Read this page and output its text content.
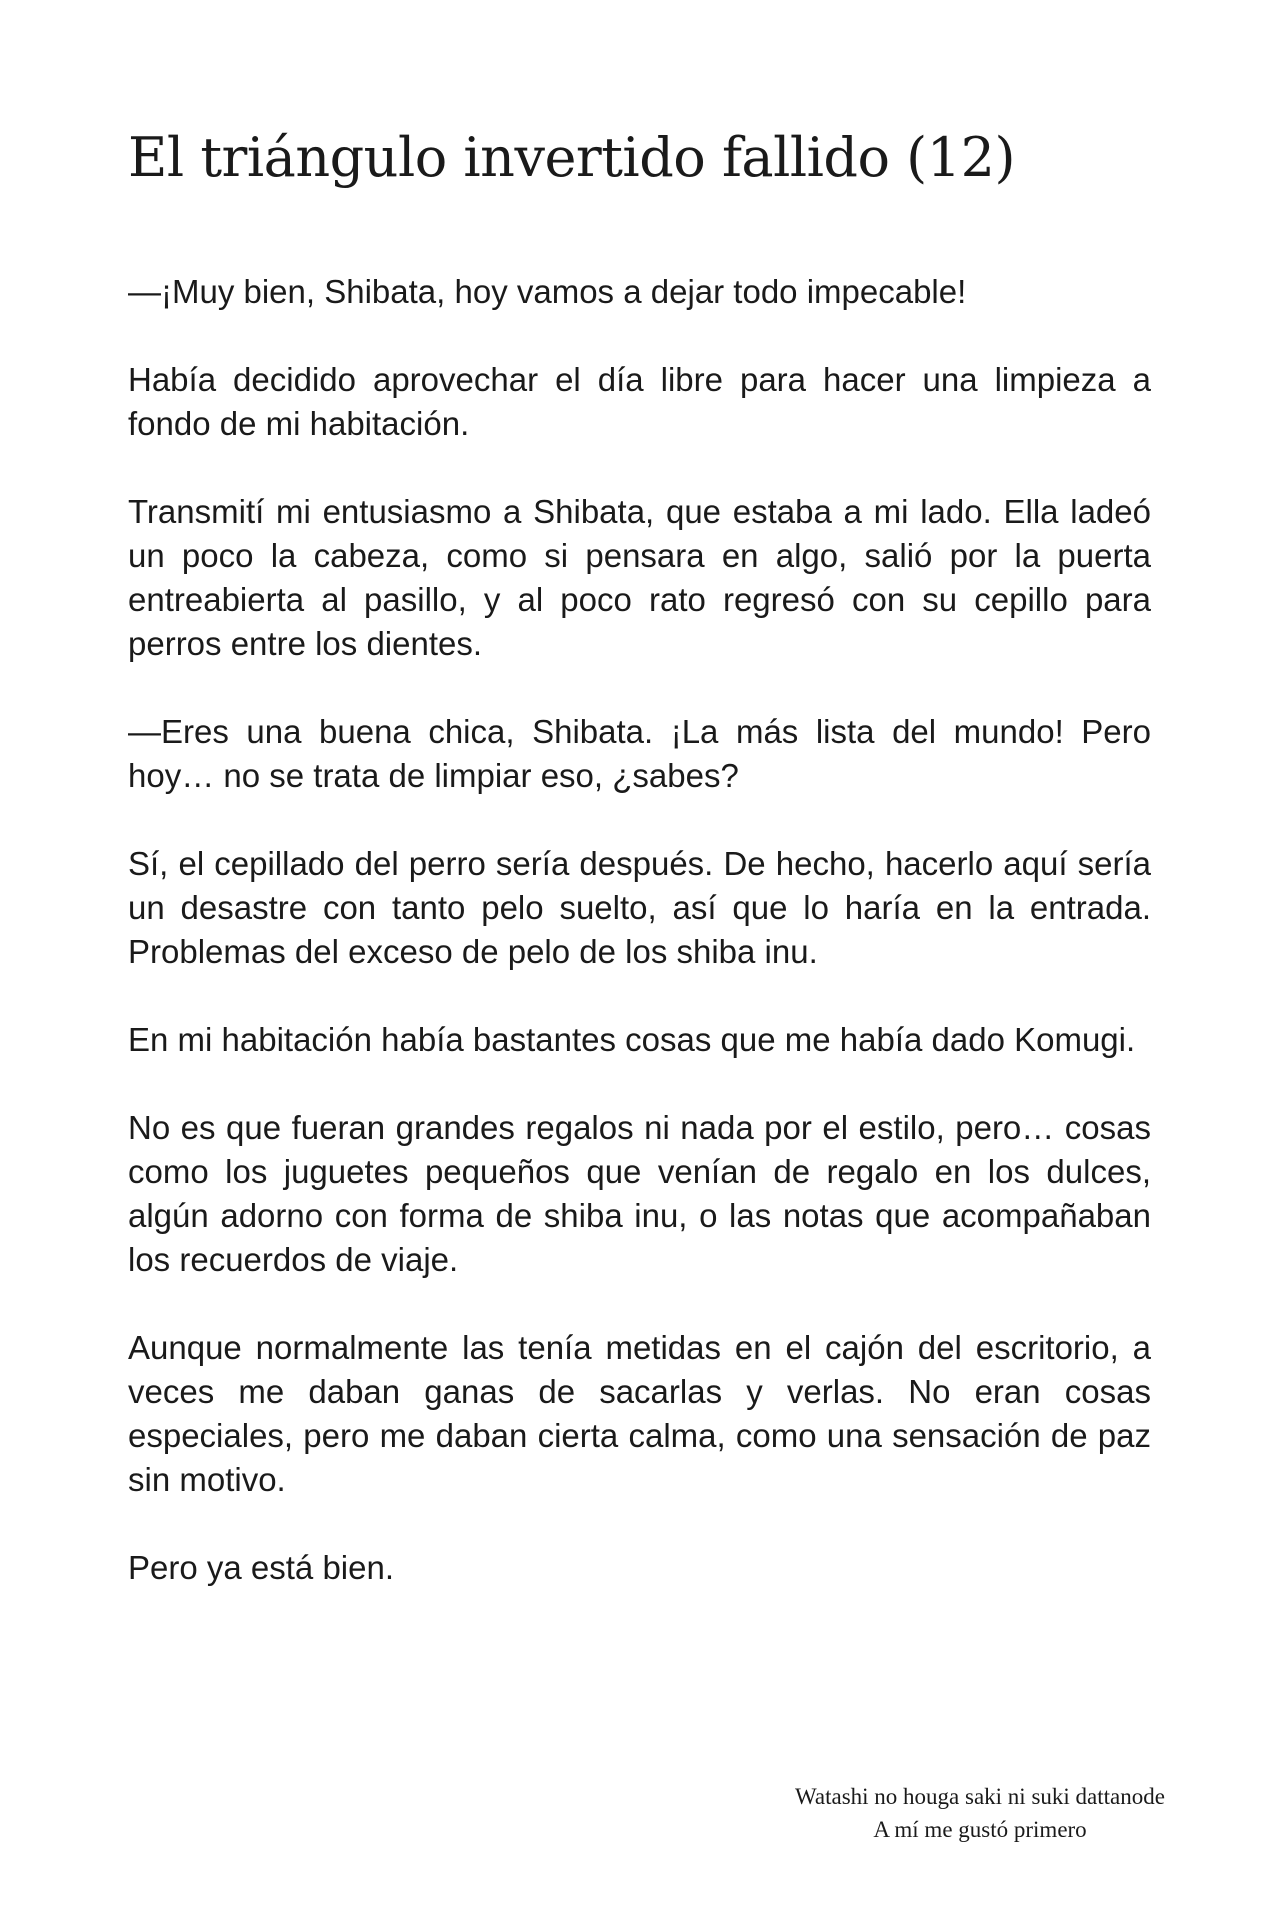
El triángulo invertido fallido (12)

—¡Muy bien, Shibata, hoy vamos a dejar todo impecable!

Había decidido aprovechar el día libre para hacer una limpieza a fondo de mi habitación.

Transmití mi entusiasmo a Shibata, que estaba a mi lado. Ella ladeó un poco la cabeza, como si pensara en algo, salió por la puerta entreabierta al pasillo, y al poco rato regresó con su cepillo para perros entre los dientes.

—Eres una buena chica, Shibata. ¡La más lista del mundo! Pero hoy… no se trata de limpiar eso, ¿sabes?

Sí, el cepillado del perro sería después. De hecho, hacerlo aquí sería un desastre con tanto pelo suelto, así que lo haría en la entrada. Problemas del exceso de pelo de los shiba inu.

En mi habitación había bastantes cosas que me había dado Komugi.

No es que fueran grandes regalos ni nada por el estilo, pero… cosas como los juguetes pequeños que venían de regalo en los dulces, algún adorno con forma de shiba inu, o las notas que acompañaban los recuerdos de viaje.

Aunque normalmente las tenía metidas en el cajón del escritorio, a veces me daban ganas de sacarlas y verlas. No eran cosas especiales, pero me daban cierta calma, como una sensación de paz sin motivo.

Pero ya está bien.

Watashi no houga saki ni suki dattanode
A mí me gustó primero
